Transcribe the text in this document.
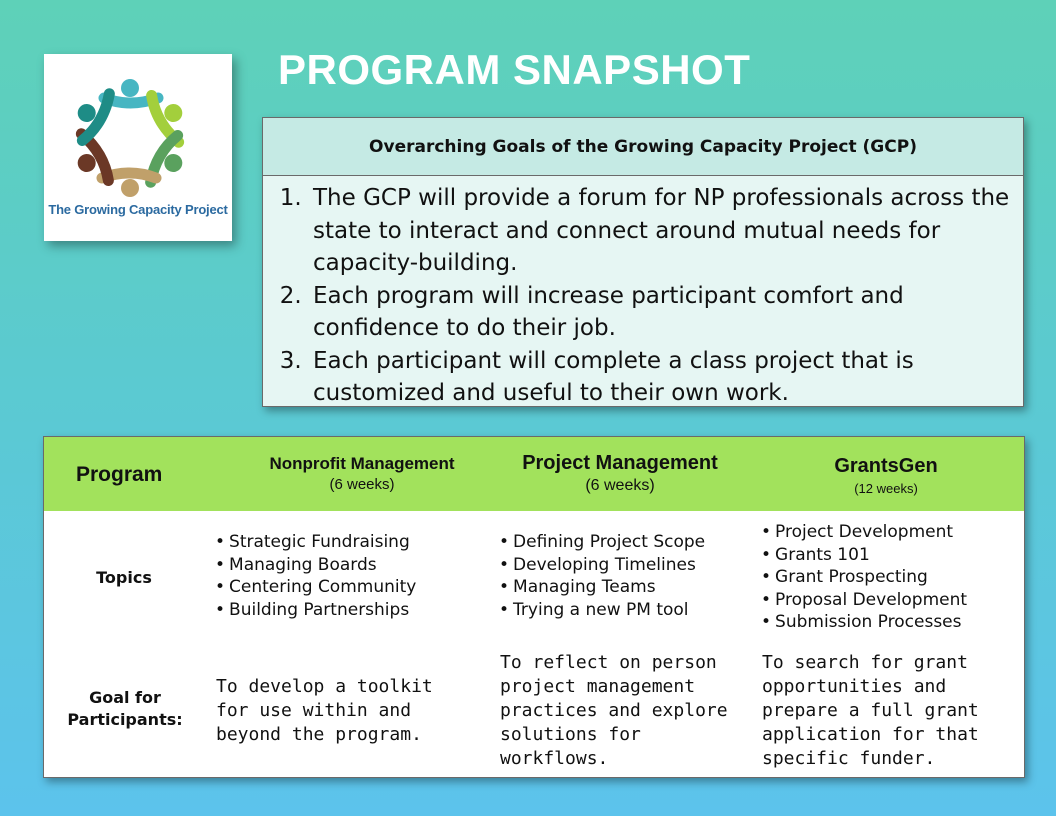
The Growing Capacity Project
PROGRAM SNAPSHOT
Overarching Goals of the Growing Capacity Project (GCP)
1. The GCP will provide a forum for NP professionals across the state to interact and connect around mutual needs for capacity-building.
2. Each program will increase participant comfort and confidence to do their job.
3. Each participant will complete a class project that is customized and useful to their own work.
Program	Nonprofit Management
(6 weeks)
Project Management
(6 weeks)
GrantsGen
(12 weeks)
Topics
Goal for
Participants:
• Strategic Fundraising
• Managing Boards
• Centering Community
• Building Partnerships
• Defining Project Scope
• Developing Timelines
• Managing Teams
• Trying a new PM tool
• Project Development
• Grants 101
• Grant Prospecting
• Proposal Development
• Submission Processes
To develop a toolkit for use within and beyond the program.
To reflect on person project management practices and explore solutions for workflows.
To search for grant opportunities and prepare a full grant application for that specific funder.
